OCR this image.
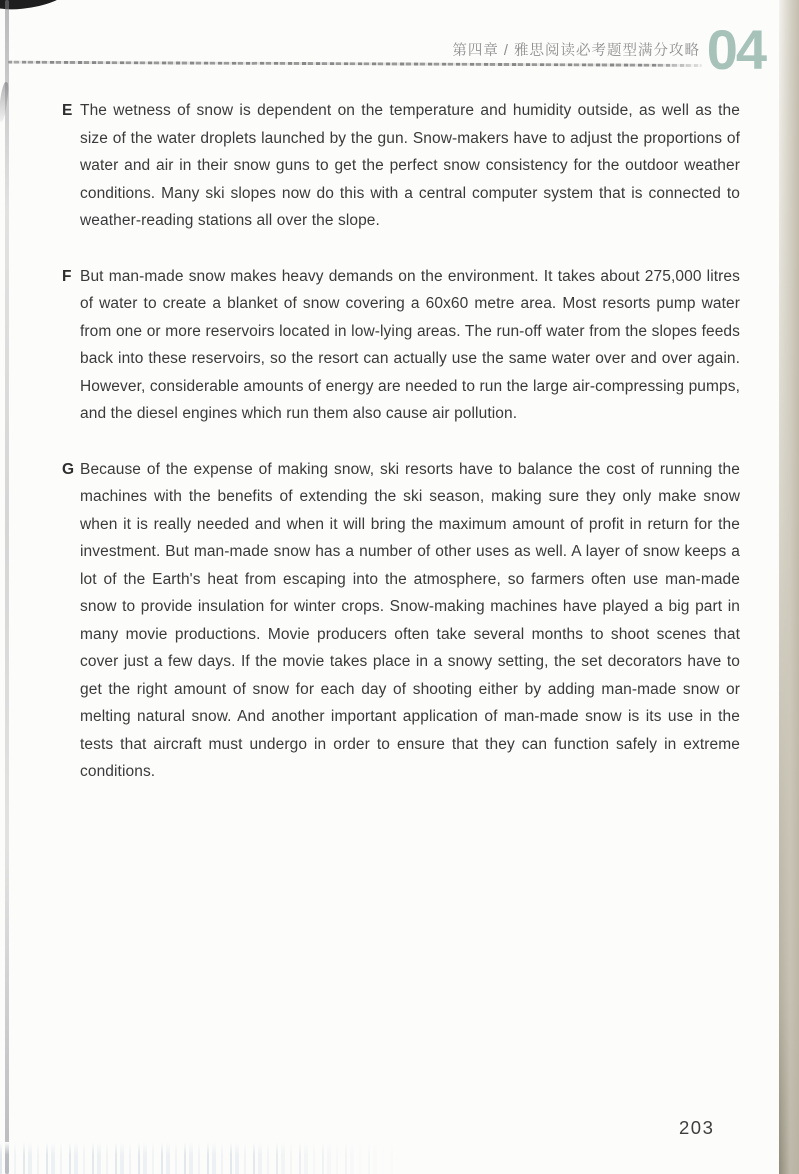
第四章 / 雅思阅读必考题型满分攻略 04
E The wetness of snow is dependent on the temperature and humidity outside, as well as the size of the water droplets launched by the gun. Snow-makers have to adjust the proportions of water and air in their snow guns to get the perfect snow consistency for the outdoor weather conditions. Many ski slopes now do this with a central computer system that is connected to weather-reading stations all over the slope.
F But man-made snow makes heavy demands on the environment. It takes about 275,000 litres of water to create a blanket of snow covering a 60x60 metre area. Most resorts pump water from one or more reservoirs located in low-lying areas. The run-off water from the slopes feeds back into these reservoirs, so the resort can actually use the same water over and over again. However, considerable amounts of energy are needed to run the large air-compressing pumps, and the diesel engines which run them also cause air pollution.
G Because of the expense of making snow, ski resorts have to balance the cost of running the machines with the benefits of extending the ski season, making sure they only make snow when it is really needed and when it will bring the maximum amount of profit in return for the investment. But man-made snow has a number of other uses as well. A layer of snow keeps a lot of the Earth's heat from escaping into the atmosphere, so farmers often use man-made snow to provide insulation for winter crops. Snow-making machines have played a big part in many movie productions. Movie producers often take several months to shoot scenes that cover just a few days. If the movie takes place in a snowy setting, the set decorators have to get the right amount of snow for each day of shooting either by adding man-made snow or melting natural snow. And another important application of man-made snow is its use in the tests that aircraft must undergo in order to ensure that they can function safely in extreme conditions.
203
